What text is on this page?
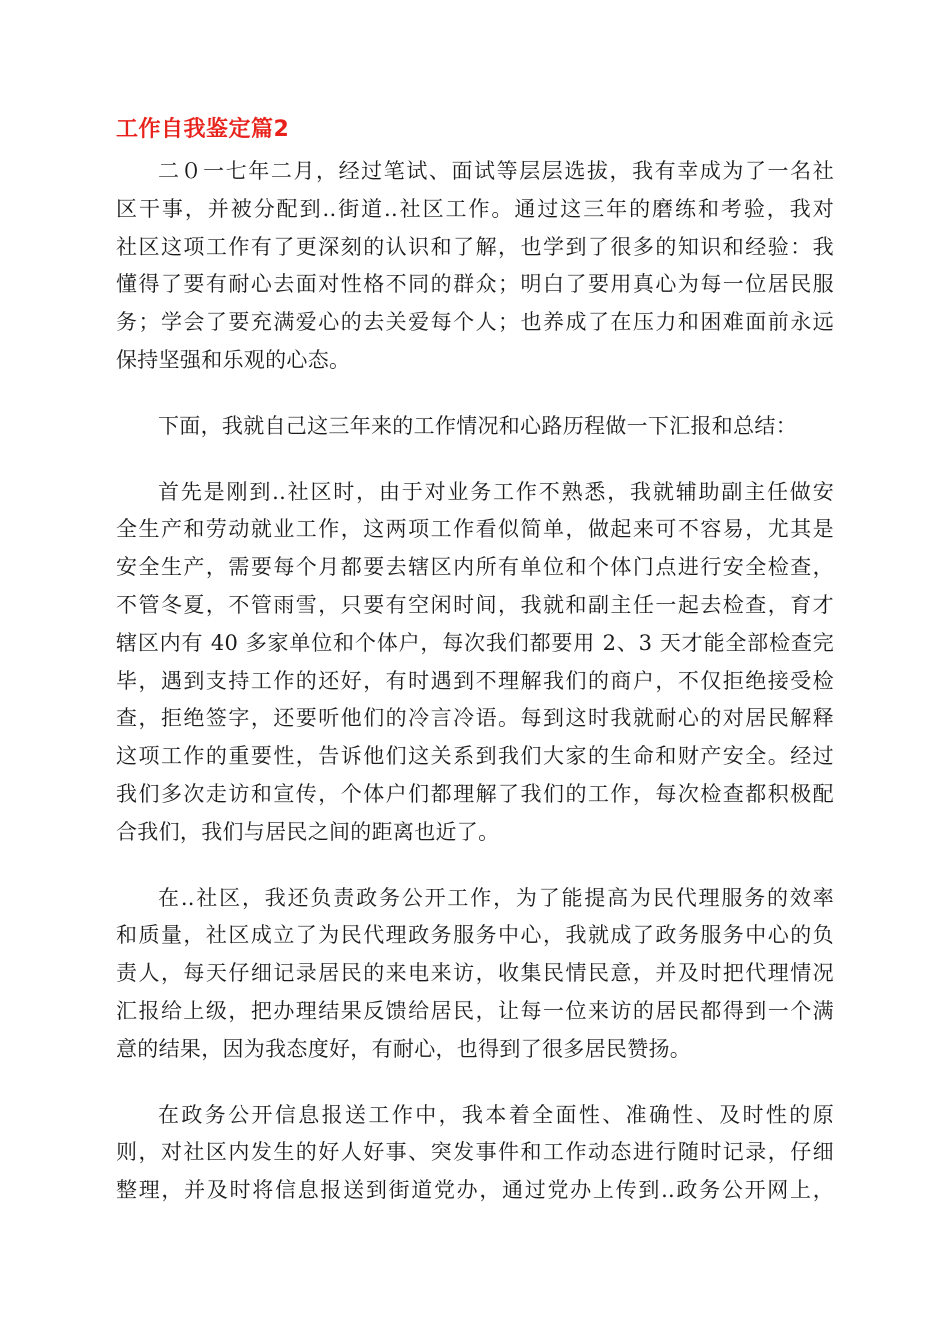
工作自我鉴定篇2

二０一七年二月，经过笔试、面试等层层选拔，我有幸成为了一名社
区干事，并被分配到..街道..社区工作。通过这三年的磨练和考验，我对
社区这项工作有了更深刻的认识和了解，也学到了很多的知识和经验：我
懂得了要有耐心去面对性格不同的群众；明白了要用真心为每一位居民服
务；学会了要充满爱心的去关爱每个人；也养成了在压力和困难面前永远
保持坚强和乐观的心态。

下面，我就自己这三年来的工作情况和心路历程做一下汇报和总结：

首先是刚到..社区时，由于对业务工作不熟悉，我就辅助副主任做安
全生产和劳动就业工作，这两项工作看似简单，做起来可不容易，尤其是
安全生产，需要每个月都要去辖区内所有单位和个体门点进行安全检查，
不管冬夏，不管雨雪，只要有空闲时间，我就和副主任一起去检查，育才
辖区内有 40 多家单位和个体户，每次我们都要用 2、3 天才能全部检查完
毕，遇到支持工作的还好，有时遇到不理解我们的商户，不仅拒绝接受检
查，拒绝签字，还要听他们的冷言冷语。每到这时我就耐心的对居民解释
这项工作的重要性，告诉他们这关系到我们大家的生命和财产安全。经过
我们多次走访和宣传，个体户们都理解了我们的工作，每次检查都积极配
合我们，我们与居民之间的距离也近了。

在..社区，我还负责政务公开工作，为了能提高为民代理服务的效率
和质量，社区成立了为民代理政务服务中心，我就成了政务服务中心的负
责人，每天仔细记录居民的来电来访，收集民情民意，并及时把代理情况
汇报给上级，把办理结果反馈给居民，让每一位来访的居民都得到一个满
意的结果，因为我态度好，有耐心，也得到了很多居民赞扬。

在政务公开信息报送工作中，我本着全面性、准确性、及时性的原
则，对社区内发生的好人好事、突发事件和工作动态进行随时记录，仔细
整理，并及时将信息报送到街道党办，通过党办上传到..政务公开网上，
